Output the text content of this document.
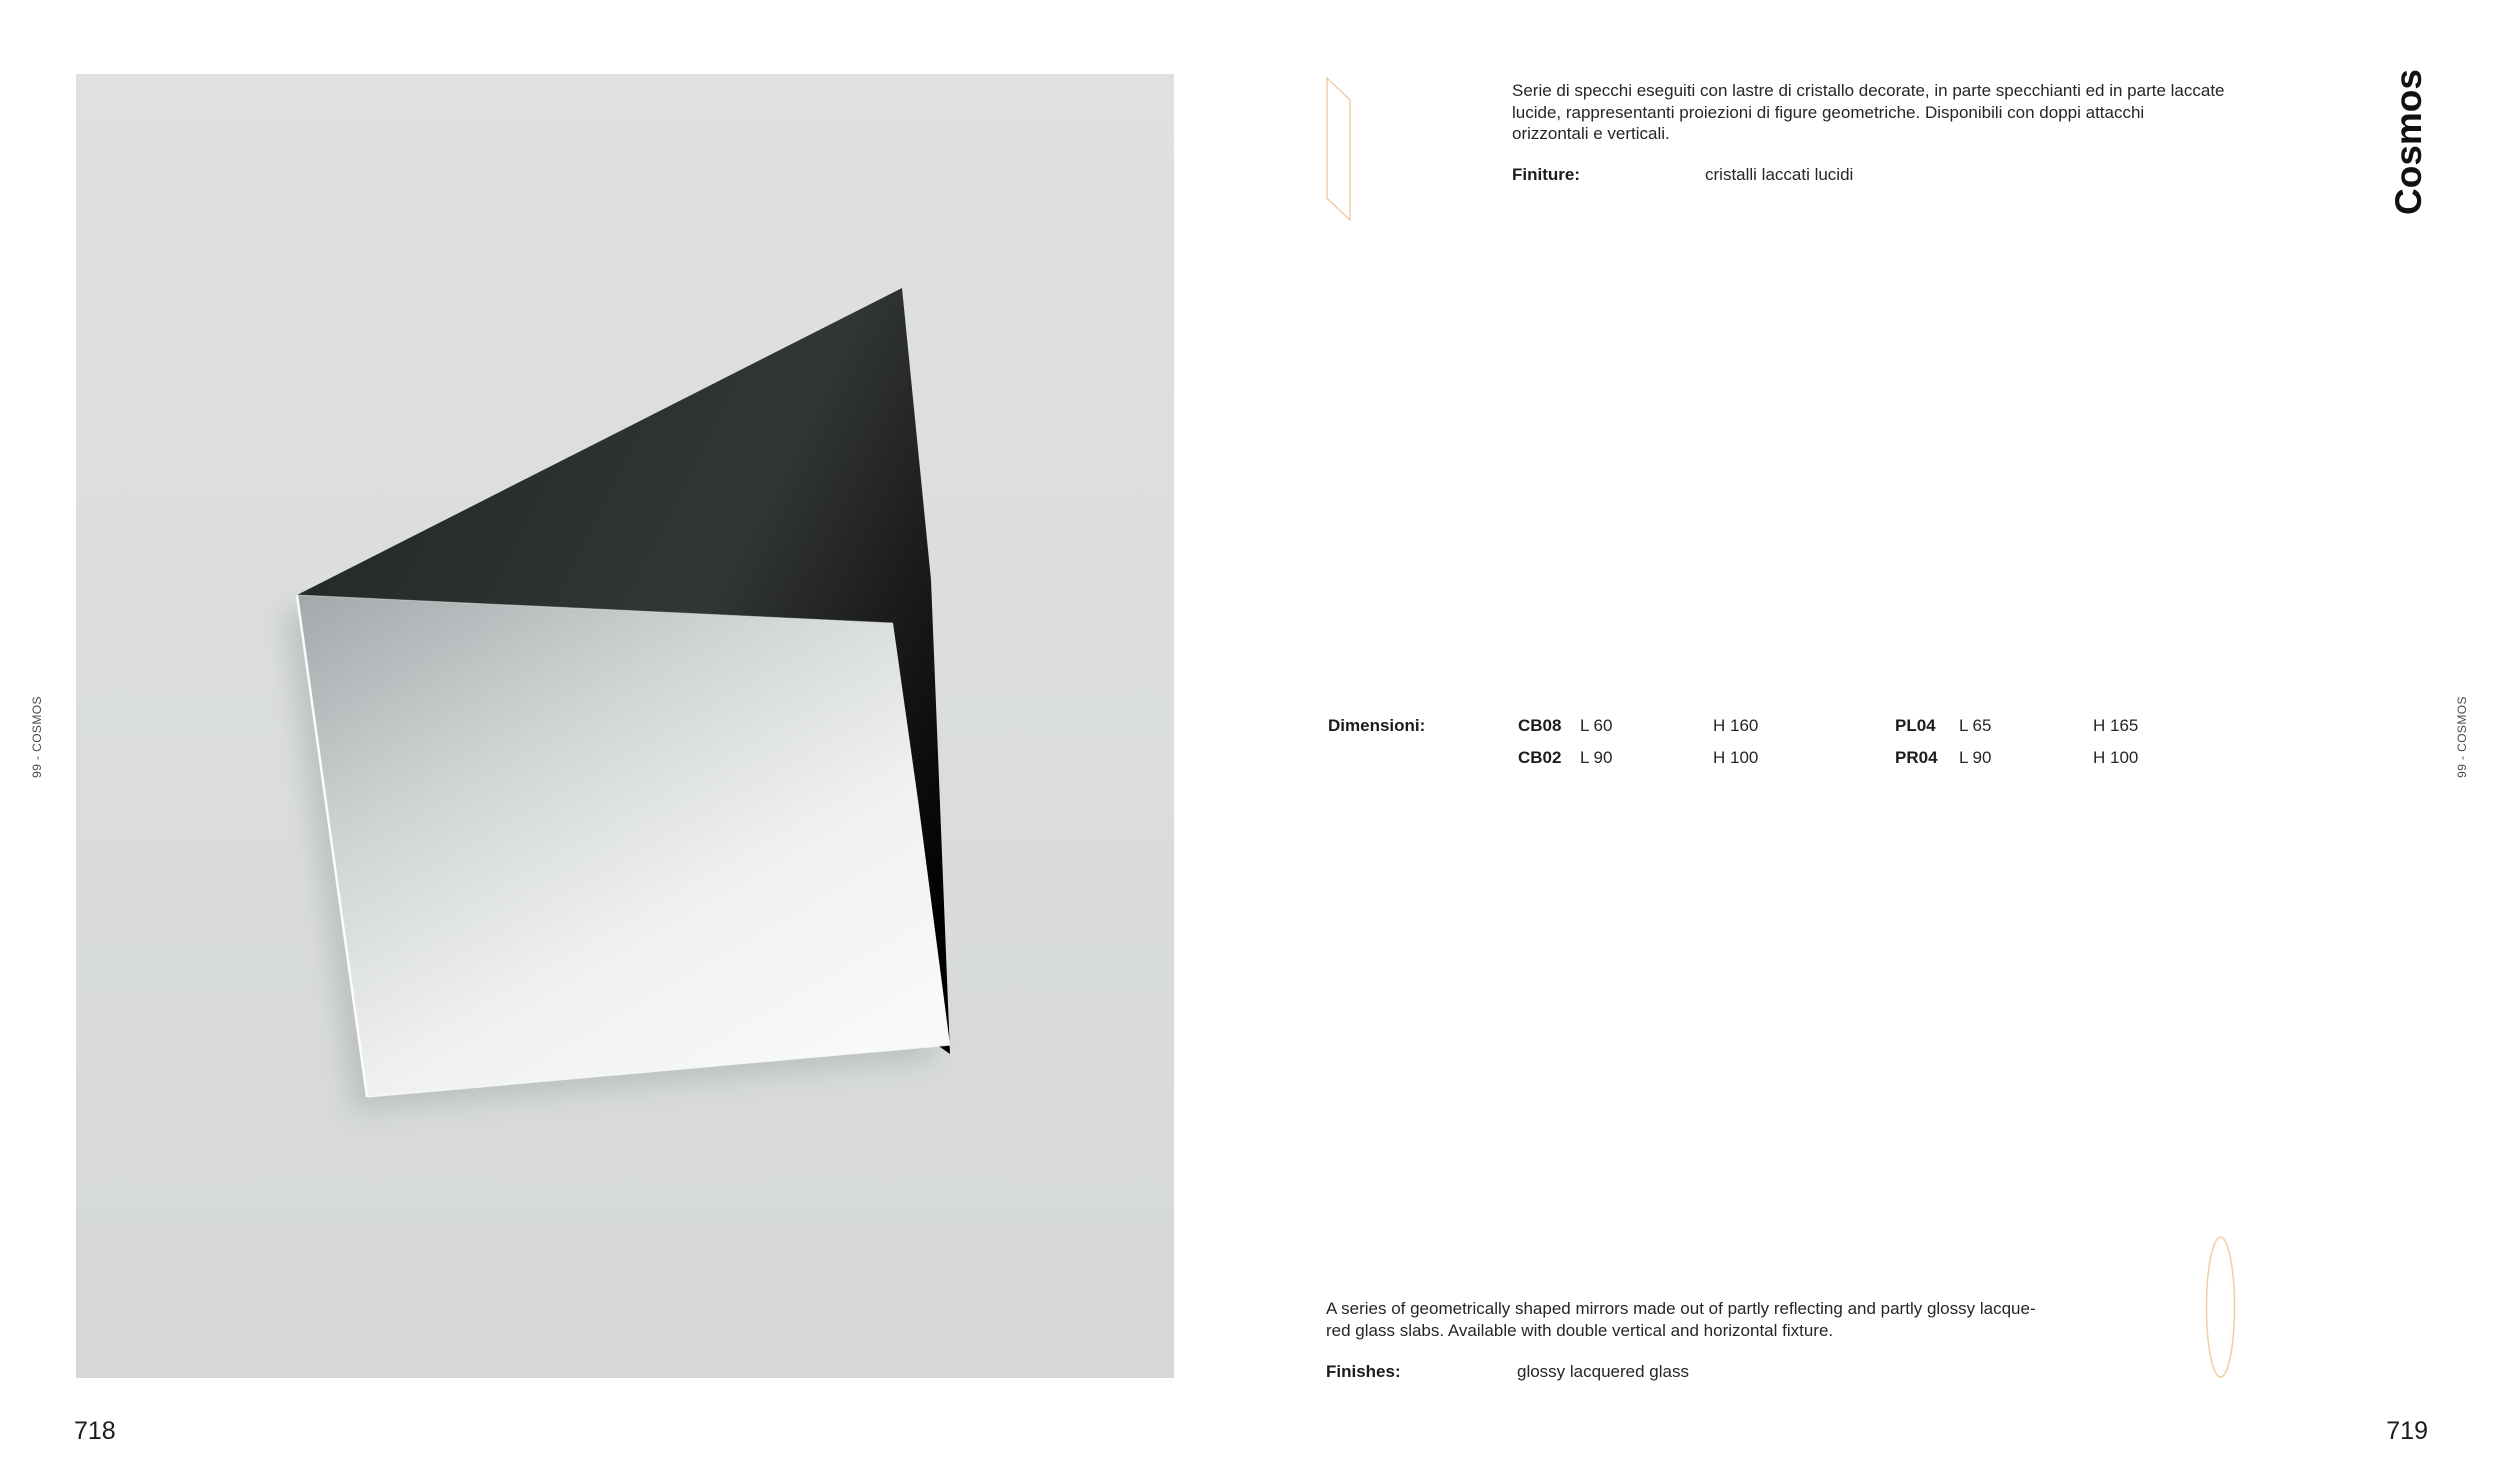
99 - COSMOS
718
Serie di specchi eseguiti con lastre di cristallo decorate, in parte specchianti ed in parte laccate
lucide, rappresentanti proiezioni di figure geometriche. Disponibili con doppi attacchi
orizzontali e verticali.
Finiture:	cristalli laccati lucidi
Dimensioni:	CB08 L 60	H 160	PL04 L 65	H 165
CB02 L 90	H 100	PR04 L 90	H 100
A series of geometrically shaped mirrors made out of partly reflecting and partly glossy lacque-
red glass slabs. Available with double vertical and horizontal fixture.
Finishes:	glossy lacquered glass
Cosmos
99 - COSMOS
719
